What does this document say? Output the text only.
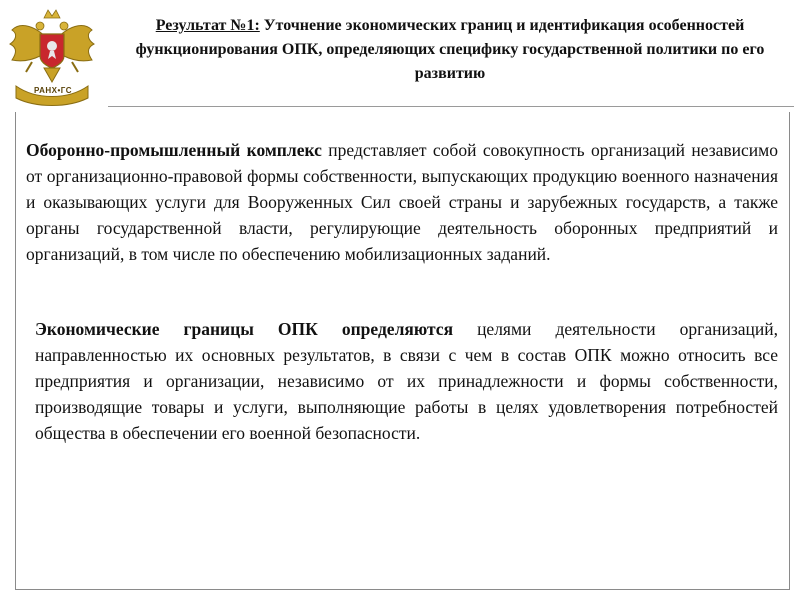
РАНХ•ГС
Результат №1: Уточнение экономических границ и идентификация особенностей функционирования ОПК, определяющих специфику государственной политики по его развитию

Оборонно-промышленный комплекс представляет собой совокупность организаций независимо от организационно-правовой формы собственности, выпускающих продукцию военного назначения и оказывающих услуги для Вооруженных Сил своей страны и зарубежных государств, а также органы государственной власти, регулирующие деятельность оборонных предприятий и организаций, в том числе по обеспечению мобилизационных заданий.

Экономические границы ОПК определяются целями деятельности организаций, направленностью их основных результатов, в связи с чем в состав ОПК можно относить все предприятия и организации, независимо от их принадлежности и формы собственности, производящие товары и услуги, выполняющие работы в целях удовлетворения потребностей общества в обеспечении его военной безопасности.
